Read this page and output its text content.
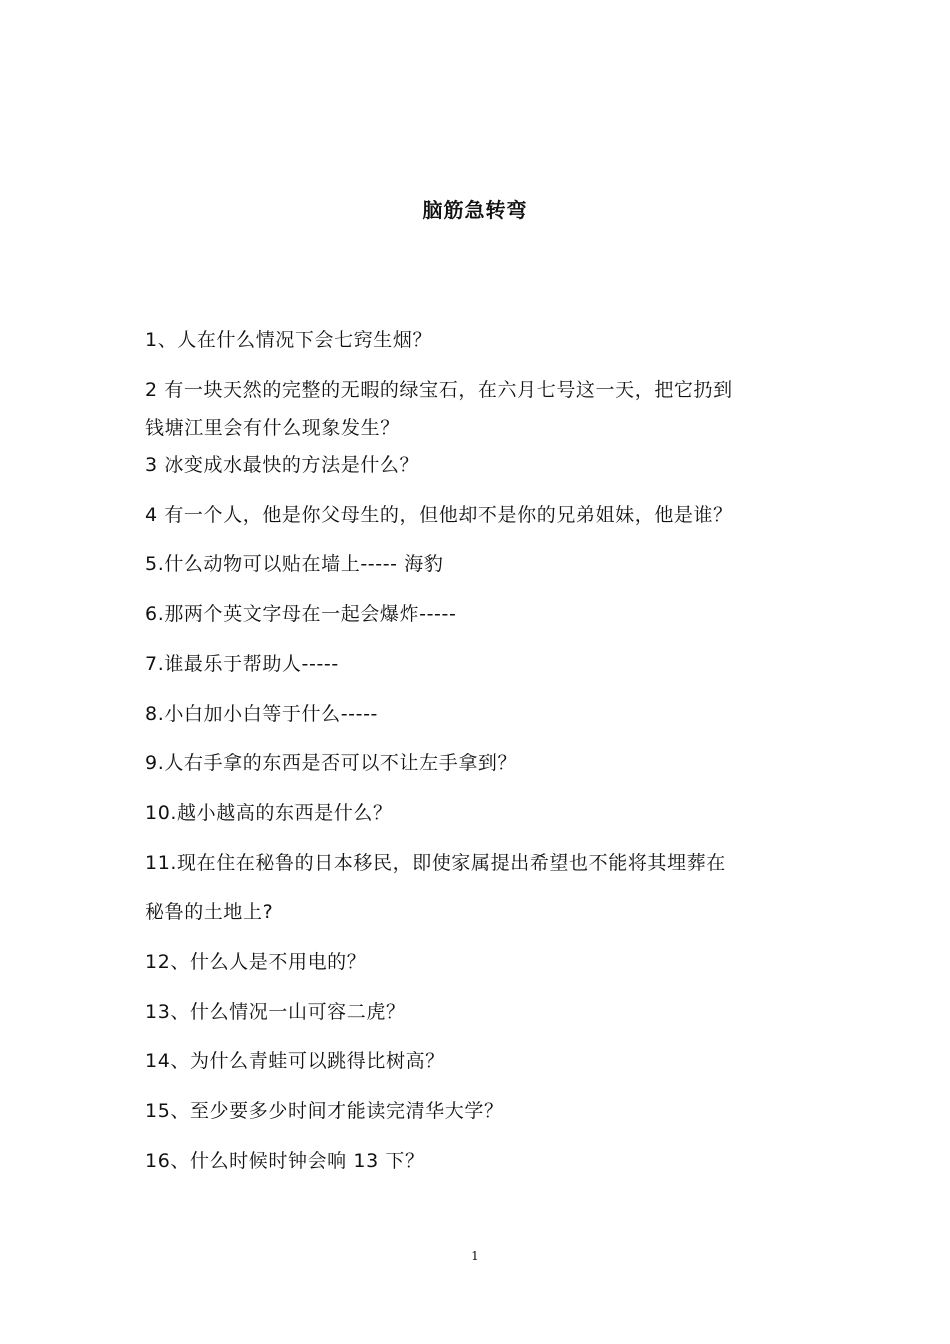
脑筋急转弯
1、人在什么情况下会七窍生烟？
2 有一块天然的完整的无暇的绿宝石，在六月七号这一天，把它扔到
钱塘江里会有什么现象发生？
3 冰变成水最快的方法是什么？
4 有一个人，他是你父母生的，但他却不是你的兄弟姐妹，他是谁？
5.什么动物可以贴在墙上----- 海豹
6.那两个英文字母在一起会爆炸-----
7.谁最乐于帮助人-----
8.小白加小白等于什么-----
9.人右手拿的东西是否可以不让左手拿到？
10.越小越高的东西是什么？
11.现在住在秘鲁的日本移民，即使家属提出希望也不能将其埋葬在
秘鲁的土地上?
12、什么人是不用电的？
13、什么情况一山可容二虎？
14、为什么青蛙可以跳得比树高？
15、至少要多少时间才能读完清华大学？
16、什么时候时钟会响 13 下？
1
